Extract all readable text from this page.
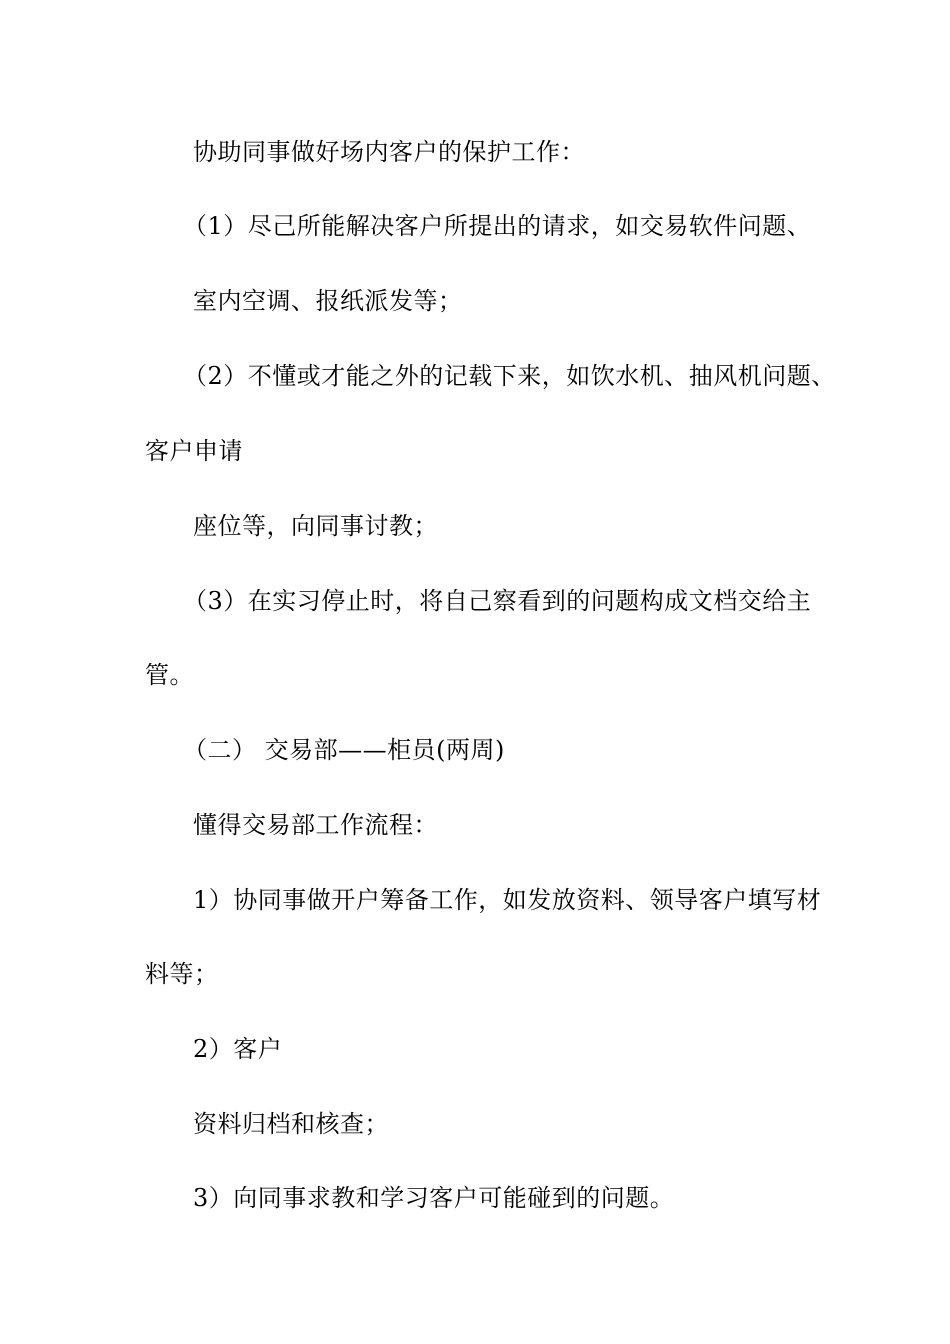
协助同事做好场内客户的保护工作：
（1）尽己所能解决客户所提出的请求，如交易软件问题、
室内空调、报纸派发等；
（2）不懂或才能之外的记载下来，如饮水机、抽风机问题、
客户申请
座位等，向同事讨教；
（3）在实习停止时，将自己察看到的问题构成文档交给主
管。
（二） 交易部——柜员(两周)
懂得交易部工作流程：
1）协同事做开户筹备工作，如发放资料、领导客户填写材
料等；
2）客户
资料归档和核查；
3）向同事求教和学习客户可能碰到的问题。
